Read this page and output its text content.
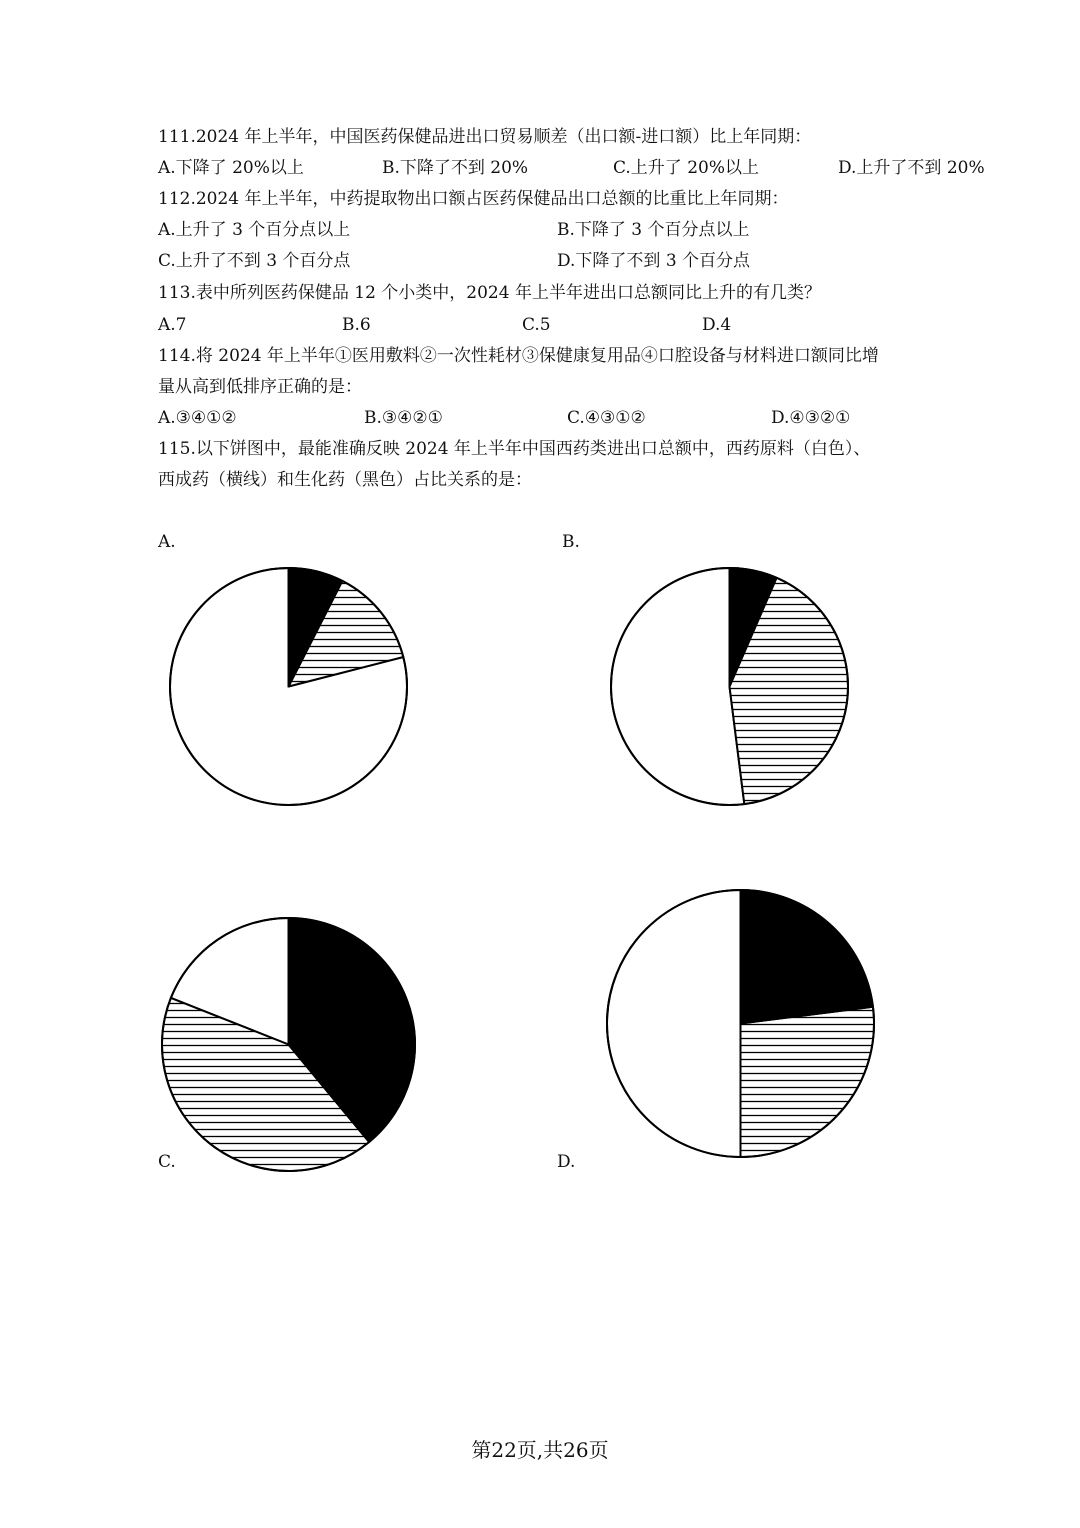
111.2024 年上半年，中国医药保健品进出口贸易顺差（出口额-进口额）比上年同期：
A.下降了 20%以上	B.下降了不到 20%	C.上升了 20%以上	D.上升了不到 20%
112.2024 年上半年，中药提取物出口额占医药保健品出口总额的比重比上年同期：
A.上升了 3 个百分点以上	B.下降了 3 个百分点以上
C.上升了不到 3 个百分点	D.下降了不到 3 个百分点
113.表中所列医药保健品 12 个小类中，2024 年上半年进出口总额同比上升的有几类？
A.7	B.6	C.5	D.4
114.将 2024 年上半年①医用敷料②一次性耗材③保健康复用品④口腔设备与材料进口额同比增
量从高到低排序正确的是：
A.③④①②	B.③④②①	C.④③①②	D.④③②①
115.以下饼图中，最能准确反映 2024 年上半年中国西药类进出口总额中，西药原料（白色）、
西成药（横线）和生化药（黑色）占比关系的是：
A.	B.
C.	D.
第22页,共26页
